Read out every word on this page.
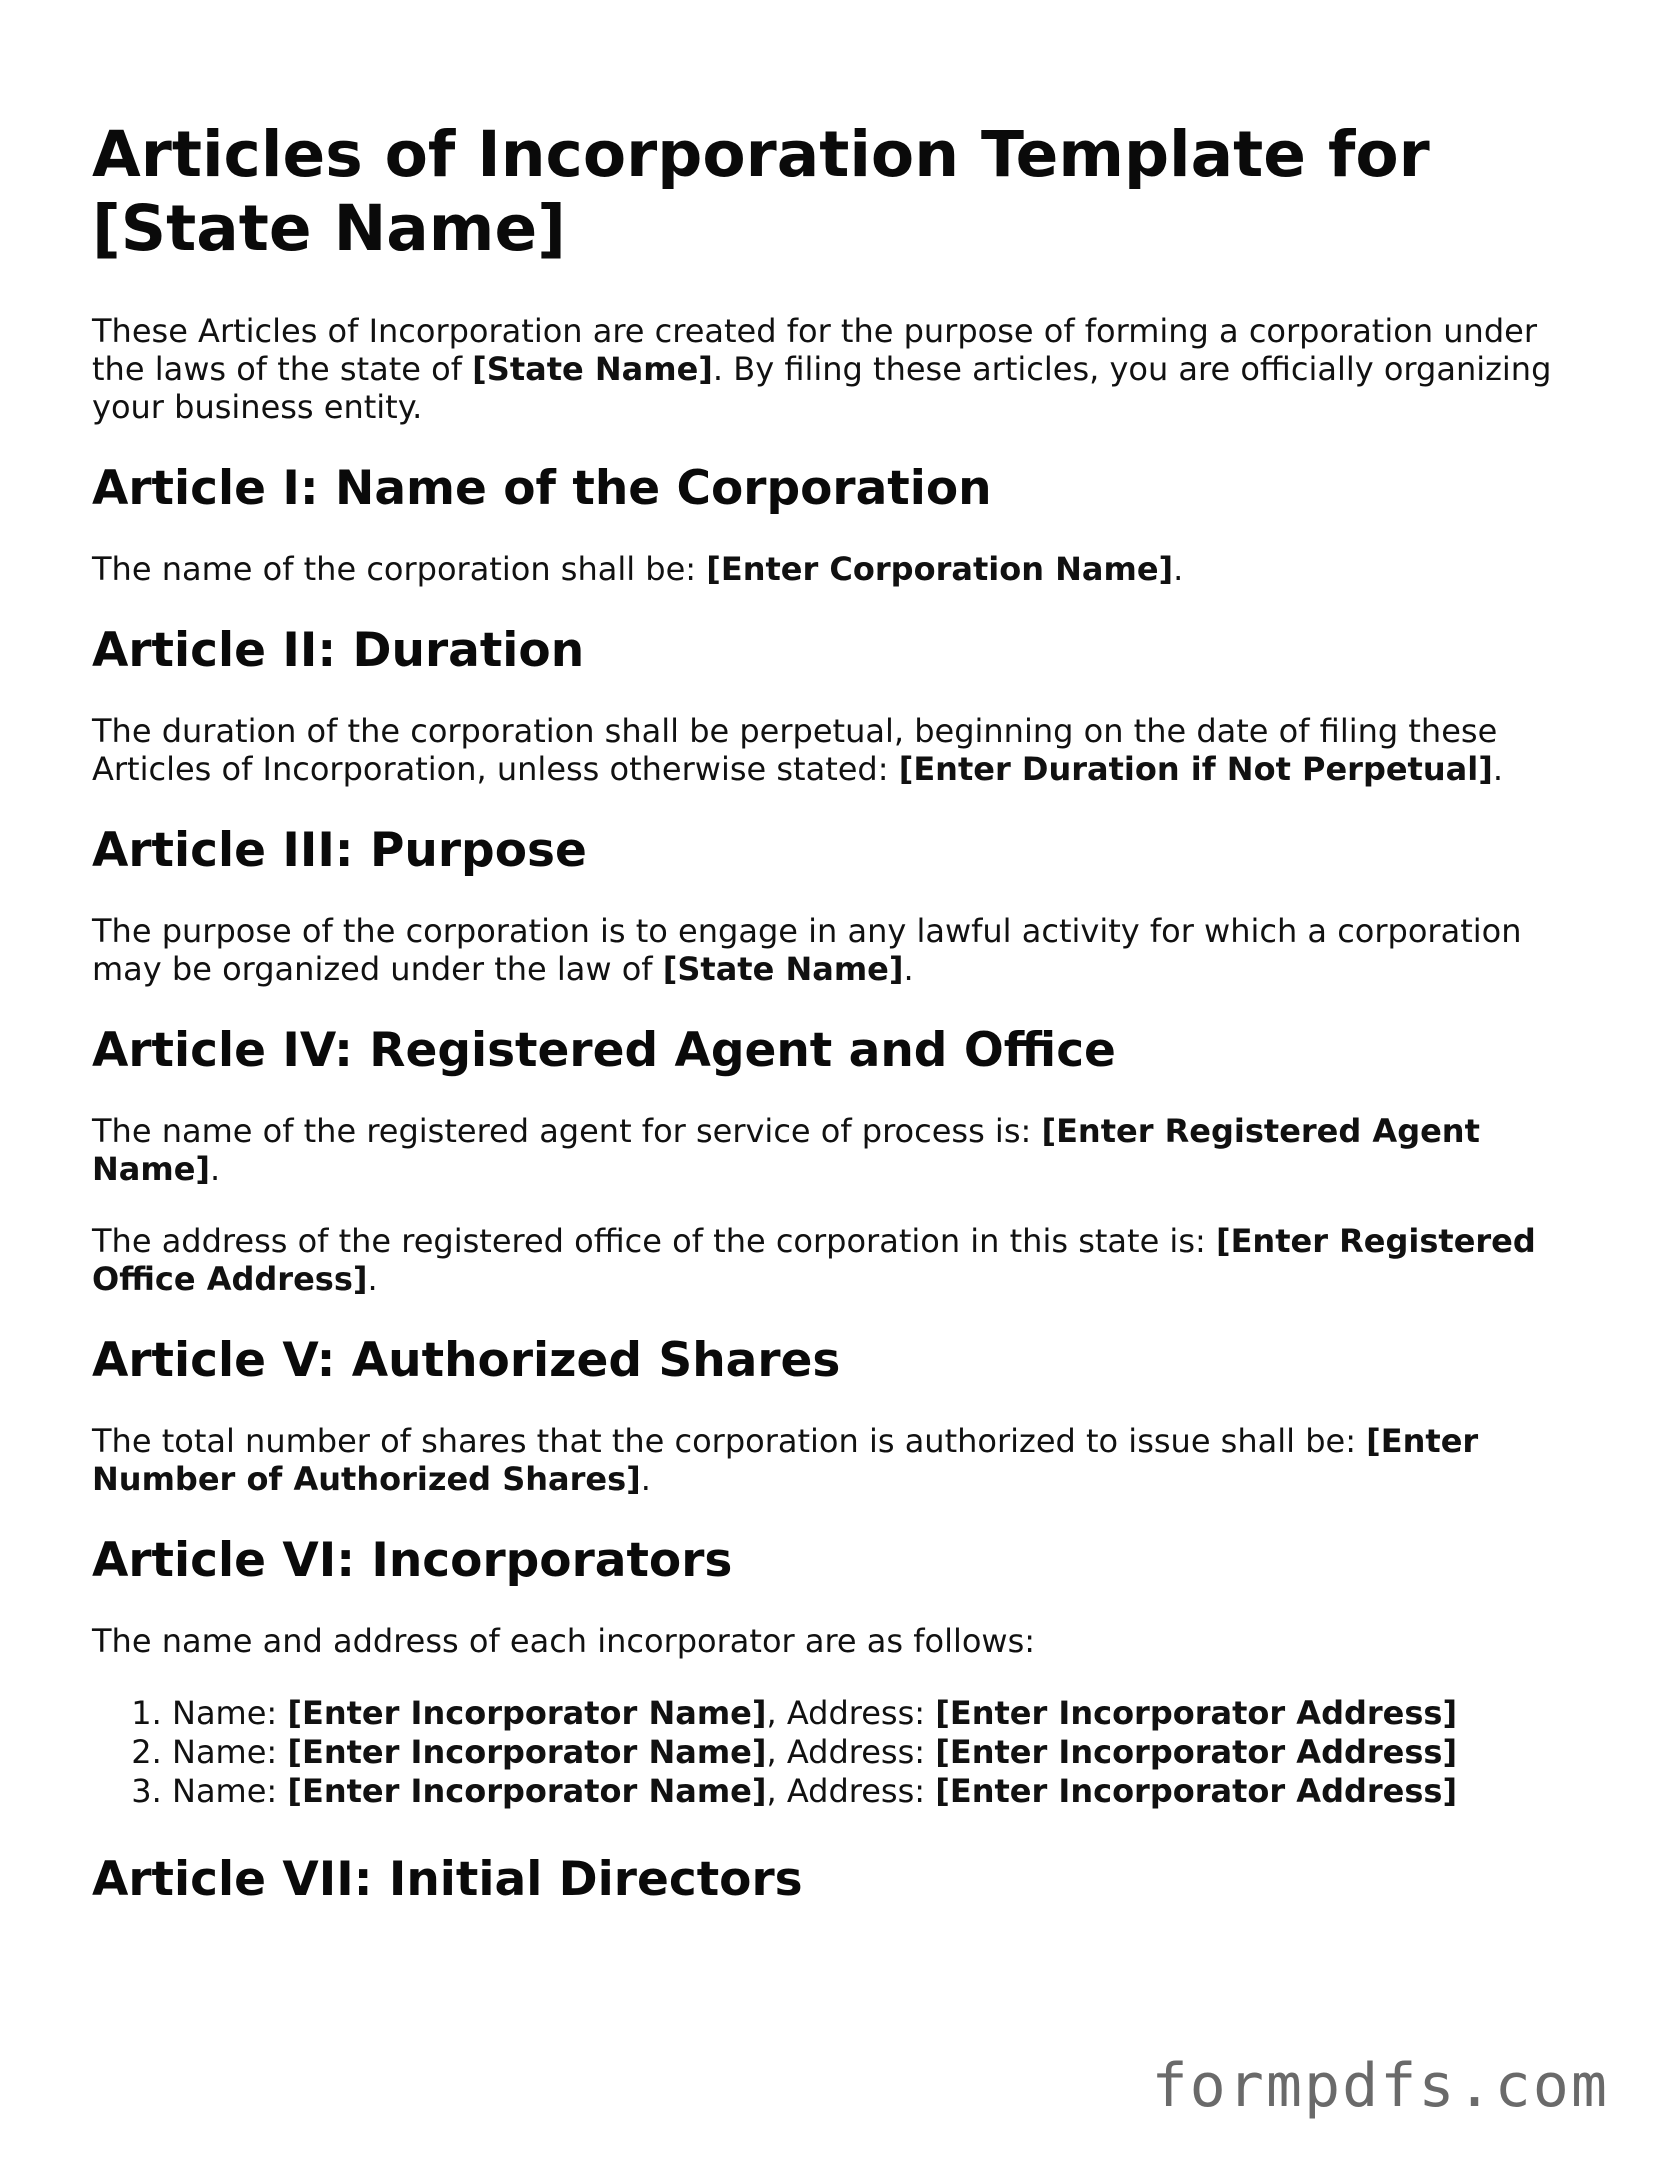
Articles of Incorporation Template for [State Name]

These Articles of Incorporation are created for the purpose of forming a corporation under the laws of the state of [State Name]. By filing these articles, you are officially organizing your business entity.

Article I: Name of the Corporation

The name of the corporation shall be: [Enter Corporation Name].

Article II: Duration

The duration of the corporation shall be perpetual, beginning on the date of filing these Articles of Incorporation, unless otherwise stated: [Enter Duration if Not Perpetual].

Article III: Purpose

The purpose of the corporation is to engage in any lawful activity for which a corporation may be organized under the law of [State Name].

Article IV: Registered Agent and Office

The name of the registered agent for service of process is: [Enter Registered Agent Name].

The address of the registered office of the corporation in this state is: [Enter Registered Office Address].

Article V: Authorized Shares

The total number of shares that the corporation is authorized to issue shall be: [Enter Number of Authorized Shares].

Article VI: Incorporators

The name and address of each incorporator are as follows:

1. Name: [Enter Incorporator Name], Address: [Enter Incorporator Address]
2. Name: [Enter Incorporator Name], Address: [Enter Incorporator Address]
3. Name: [Enter Incorporator Name], Address: [Enter Incorporator Address]
Article VII: Initial Directors
formpdfs.com
